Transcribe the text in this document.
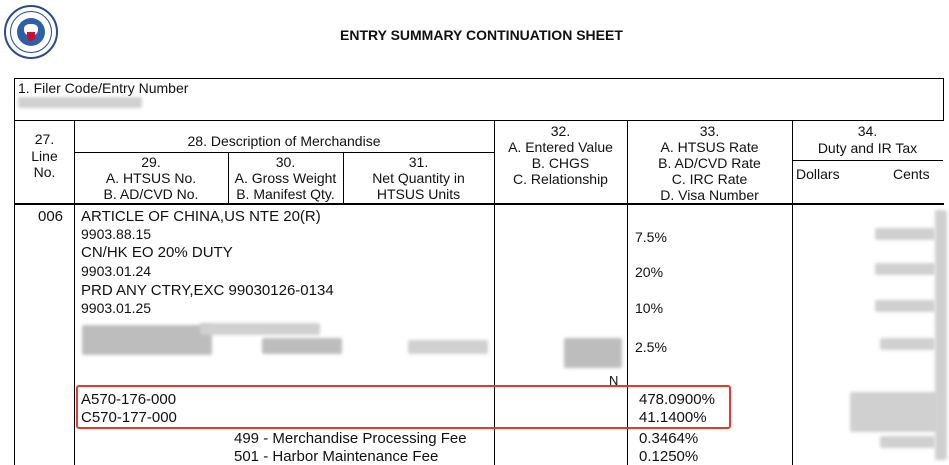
ENTRY SUMMARY CONTINUATION SHEET
1. Filer Code/Entry Number
27.
Line
No.
28. Description of Merchandise
29.
A. HTSUS No.
B. AD/CVD No.
30.
A. Gross Weight
B. Manifest Qty.
31.
Net Quantity in
HTSUS Units
32.
A. Entered Value
B. CHGS
C. Relationship
33.
A. HTSUS Rate
B. AD/CVD Rate
C. IRC Rate
D. Visa Number
34.
Duty and IR Tax
Dollars	Cents
006 ARTICLE OF CHINA,US NTE 20(R)
9903.88.15
CN/HK EO 20% DUTY
9903.01.24
PRD ANY CTRY,EXC 99030126-0134
9903.01.25
7.5%
20%
10%
2.5%
N
A570-176-000
C570-177-000
478.0900%
41.1400%
499 - Merchandise Processing Fee
501 - Harbor Maintenance Fee
0.3464%
0.1250%
